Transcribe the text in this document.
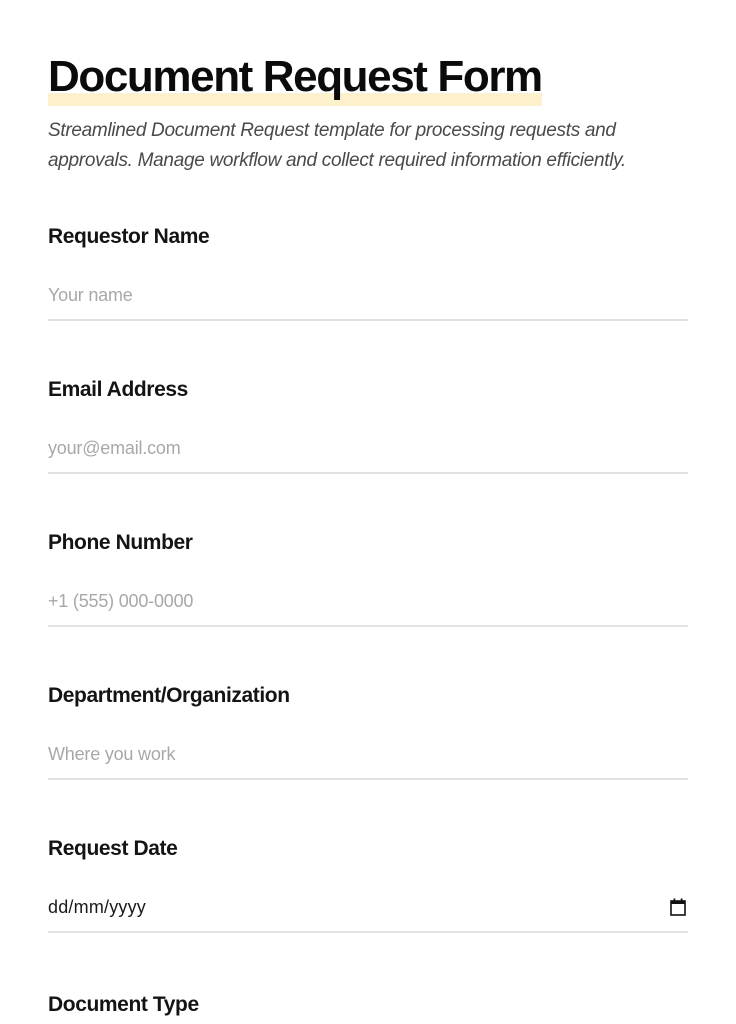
Document Request Form

Streamlined Document Request template for processing requests and approvals. Manage workflow and collect required information efficiently.

Requestor Name
Your name
Email Address
your@email.com
Phone Number
+1 (555) 000-0000
Department/Organization
Where you work
Request Date
dd/mm/yyyy
Document Type
